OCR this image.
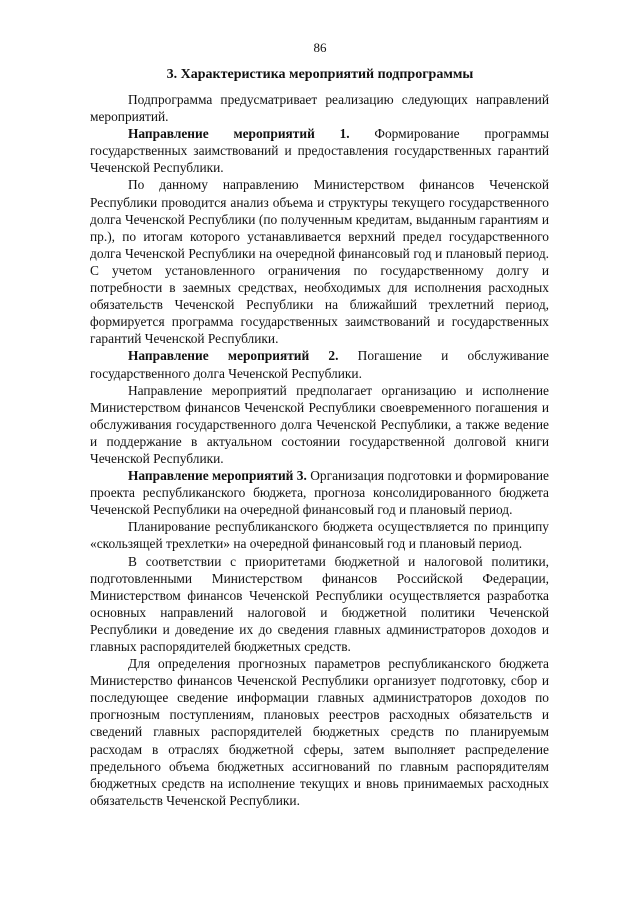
86
3. Характеристика мероприятий подпрограммы

Подпрограмма предусматривает реализацию следующих направлений мероприятий.

Направление мероприятий 1. Формирование программы государственных заимствований и предоставления государственных гарантий Чеченской Республики.

По данному направлению Министерством финансов Чеченской Республики проводится анализ объема и структуры текущего государственного долга Чеченской Республики (по полученным кредитам, выданным гарантиям и пр.), по итогам которого устанавливается верхний предел государственного долга Чеченской Республики на очередной финансовый год и плановый период. С учетом установленного ограничения по государственному долгу и потребности в заемных средствах, необходимых для исполнения расходных обязательств Чеченской Республики на ближайший трехлетний период, формируется программа государственных заимствований и государственных гарантий Чеченской Республики.

Направление мероприятий 2. Погашение и обслуживание государственного долга Чеченской Республики.

Направление мероприятий предполагает организацию и исполнение Министерством финансов Чеченской Республики своевременного погашения и обслуживания государственного долга Чеченской Республики, а также ведение и поддержание в актуальном состоянии государственной долговой книги Чеченской Республики.

Направление мероприятий 3. Организация подготовки и формирование проекта республиканского бюджета, прогноза консолидированного бюджета Чеченской Республики на очередной финансовый год и плановый период.

Планирование республиканского бюджета осуществляется по принципу «скользящей трехлетки» на очередной финансовый год и плановый период.

В соответствии с приоритетами бюджетной и налоговой политики, подготовленными Министерством финансов Российской Федерации, Министерством финансов Чеченской Республики осуществляется разработка основных направлений налоговой и бюджетной политики Чеченской Республики и доведение их до сведения главных администраторов доходов и главных распорядителей бюджетных средств.

Для определения прогнозных параметров республиканского бюджета Министерство финансов Чеченской Республики организует подготовку, сбор и последующее сведение информации главных администраторов доходов по прогнозным поступлениям, плановых реестров расходных обязательств и сведений главных распорядителей бюджетных средств по планируемым расходам в отраслях бюджетной сферы, затем выполняет распределение предельного объема бюджетных ассигнований по главным распорядителям бюджетных средств на исполнение текущих и вновь принимаемых расходных обязательств Чеченской Республики.
